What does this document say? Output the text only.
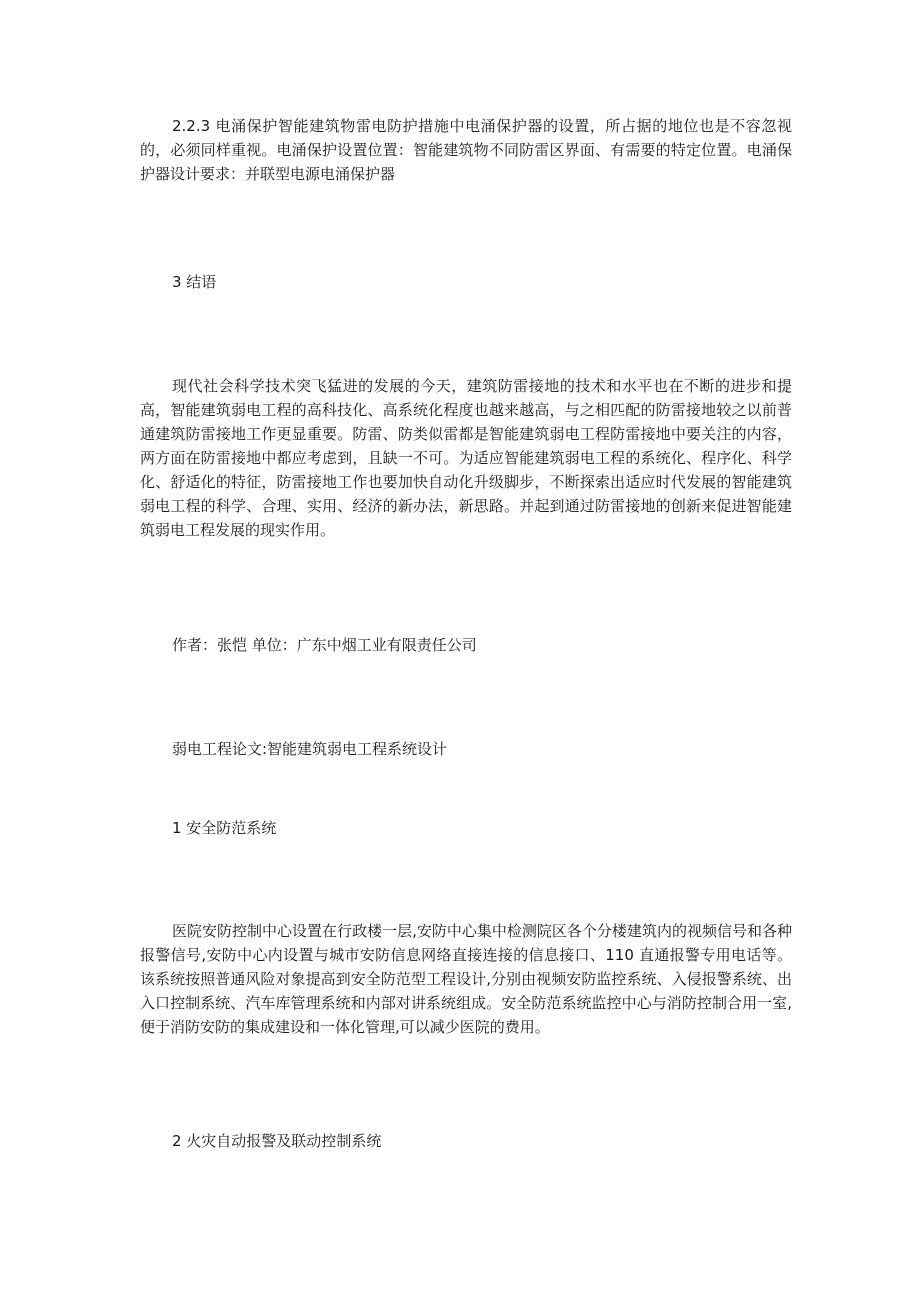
2.2.3 电涌保护智能建筑物雷电防护措施中电涌保护器的设置，所占据的地位也是不容忽视的，必须同样重视。电涌保护设置位置：智能建筑物不同防雷区界面、有需要的特定位置。电涌保护器设计要求：并联型电源电涌保护器

3 结语

现代社会科学技术突飞猛进的发展的今天，建筑防雷接地的技术和水平也在不断的进步和提高，智能建筑弱电工程的高科技化、高系统化程度也越来越高，与之相匹配的防雷接地较之以前普通建筑防雷接地工作更显重要。防雷、防类似雷都是智能建筑弱电工程防雷接地中要关注的内容，两方面在防雷接地中都应考虑到，且缺一不可。为适应智能建筑弱电工程的系统化、程序化、科学化、舒适化的特征，防雷接地工作也要加快自动化升级脚步，不断探索出适应时代发展的智能建筑弱电工程的科学、合理、实用、经济的新办法，新思路。并起到通过防雷接地的创新来促进智能建筑弱电工程发展的现实作用。

作者：张恺 单位：广东中烟工业有限责任公司

弱电工程论文:智能建筑弱电工程系统设计

1 安全防范系统

医院安防控制中心设置在行政楼一层,安防中心集中检测院区各个分楼建筑内的视频信号和各种报警信号,安防中心内设置与城市安防信息网络直接连接的信息接口、110 直通报警专用电话等。该系统按照普通风险对象提高到安全防范型工程设计,分别由视频安防监控系统、入侵报警系统、出入口控制系统、汽车库管理系统和内部对讲系统组成。安全防范系统监控中心与消防控制合用一室,便于消防安防的集成建设和一体化管理,可以减少医院的费用。

2 火灾自动报警及联动控制系统
